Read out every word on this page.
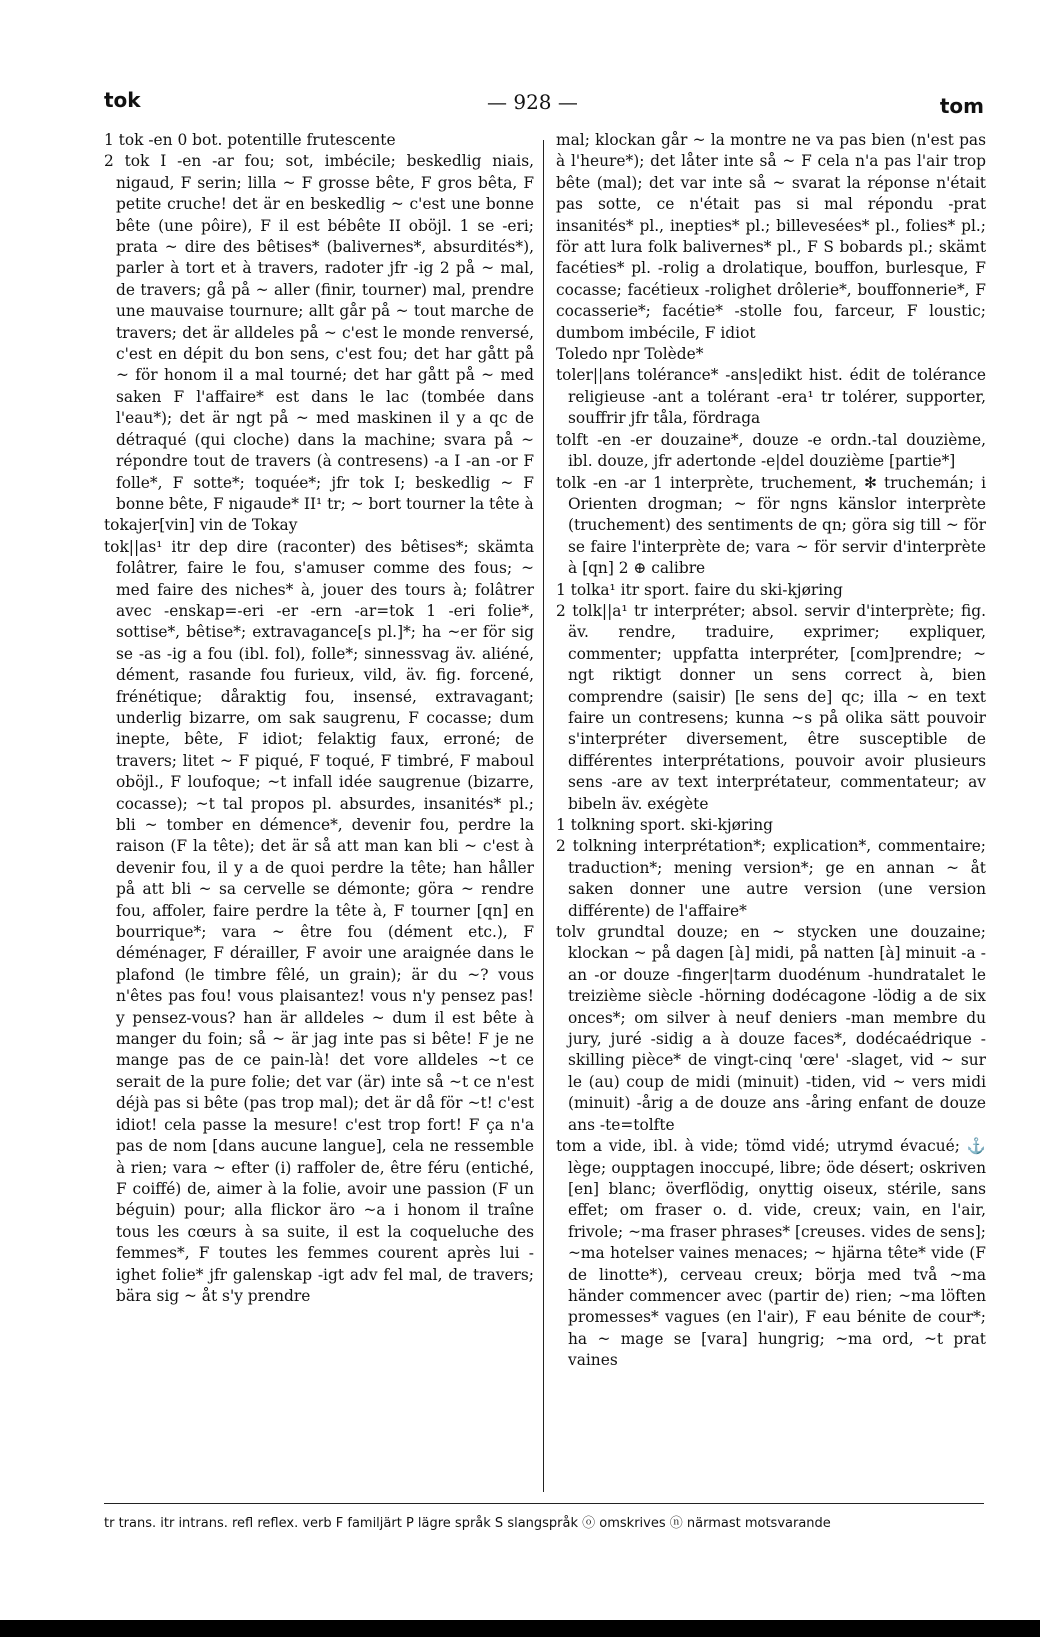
tok	— 928 —	tom

1 tok -en 0 bot. potentille frutescente

2 tok I -en -ar fou; sot, imbécile; beskedlig niais, nigaud, F serin; lilla ~ F grosse bête, F gros bêta, F petite cruche! det är en beskedlig ~ c'est une bonne bête (une pôire), F il est bébête II oböjl. 1 se -eri; prata ~ dire des bêtises* (balivernes*, absurdités*), parler à tort et à travers, radoter jfr -ig 2 på ~ mal, de travers; gå på ~ aller (finir, tourner) mal, prendre une mauvaise tournure; allt går på ~ tout marche de travers; det är alldeles på ~ c'est le monde renversé, c'est en dépit du bon sens, c'est fou; det har gått på ~ för honom il a mal tourné; det har gått på ~ med saken F l'affaire* est dans le lac (tombée dans l'eau*); det är ngt på ~ med maskinen il y a qc de détraqué (qui cloche) dans la machine; svara på ~ répondre tout de travers (à contresens) -a I -an -or F folle*, F sotte*; toquée*; jfr tok I; beskedlig ~ F bonne bête, F nigaude* II¹ tr; ~ bort tourner la tête à

tokajer[vin] vin de Tokay

tok||as¹ itr dep dire (raconter) des bêtises*; skämta folâtrer, faire le fou, s'amuser comme des fous; ~ med faire des niches* à, jouer des tours à; folâtrer avec -enskap=-eri -er -ern -ar=tok 1 -eri folie*, sottise*, bêtise*; extravagance[s pl.]*; ha ~er för sig se -as -ig a fou (ibl. fol), folle*; sinnessvag äv. aliéné, dément, rasande fou furieux, vild, äv. fig. forcené, frénétique; dåraktig fou, insensé, extravagant; underlig bizarre, om sak saugrenu, F cocasse; dum inepte, bête, F idiot; felaktig faux, erroné; de travers; litet ~ F piqué, F toqué, F timbré, F maboul oböjl., F loufoque; ~t infall idée saugrenue (bizarre, cocasse); ~t tal propos pl. absurdes, insanités* pl.; bli ~ tomber en démence*, devenir fou, perdre la raison (F la tête); det är så att man kan bli ~ c'est à devenir fou, il y a de quoi perdre la tête; han håller på att bli ~ sa cervelle se démonte; göra ~ rendre fou, affoler, faire perdre la tête à, F tourner [qn] en bourrique*; vara ~ être fou (dément etc.), F déménager, F dérailler, F avoir une araignée dans le plafond (le timbre fêlé, un grain); är du ~? vous n'êtes pas fou! vous plaisantez! vous n'y pensez pas! y pensez-vous? han är alldeles ~ dum il est bête à manger du foin; så ~ är jag inte pas si bête! F je ne mange pas de ce pain-là! det vore alldeles ~t ce serait de la pure folie; det var (är) inte så ~t ce n'est déjà pas si bête (pas trop mal); det är då för ~t! c'est idiot! cela passe la mesure! c'est trop fort! F ça n'a pas de nom [dans aucune langue], cela ne ressemble à rien; vara ~ efter (i) raffoler de, être féru (entiché, F coiffé) de, aimer à la folie, avoir une passion (F un béguin) pour; alla flickor äro ~a i honom il traîne tous les cœurs à sa suite, il est la coqueluche des femmes*, F toutes les femmes courent après lui -ighet folie* jfr galenskap -igt adv fel mal, de travers; bära sig ~ åt s'y prendre

mal; klockan går ~ la montre ne va pas bien (n'est pas à l'heure*); det låter inte så ~ F cela n'a pas l'air trop bête (mal); det var inte så ~ svarat la réponse n'était pas sotte, ce n'était pas si mal répondu -prat insanités* pl., inepties* pl.; billevesées* pl., folies* pl.; för att lura folk balivernes* pl., F S bobards pl.; skämt facéties* pl. -rolig a drolatique, bouffon, burlesque, F cocasse; facétieux -rolighet drôlerie*, bouffonnerie*, F cocasserie*; facétie* -stolle fou, farceur, F loustic; dumbom imbécile, F idiot

Toledo npr Tolède*

toler||ans tolérance* -ans|edikt hist. édit de tolérance religieuse -ant a tolérant -era¹ tr tolérer, supporter, souffrir jfr tåla, fördraga

tolft -en -er douzaine*, douze -e ordn.-tal douzième, ibl. douze, jfr adertonde -e|del douzième [partie*]

tolk -en -ar 1 interprète, truchement, ✻ truchemán; i Orienten drogman; ~ för ngns känslor interprète (truchement) des sentiments de qn; göra sig till ~ för se faire l'interprète de; vara ~ för servir d'interprète à [qn] 2 ⊕ calibre

1 tolka¹ itr sport. faire du ski-kjøring

2 tolk||a¹ tr interpréter; absol. servir d'interprète; fig. äv. rendre, traduire, exprimer; expliquer, commenter; uppfatta interpréter, [com]prendre; ~ ngt riktigt donner un sens correct à, bien comprendre (saisir) [le sens de] qc; illa ~ en text faire un contresens; kunna ~s på olika sätt pouvoir s'interpréter diversement, être susceptible de différentes interprétations, pouvoir avoir plusieurs sens -are av text interprétateur, commentateur; av bibeln äv. exégète

1 tolkning sport. ski-kjøring

2 tolkning interprétation*; explication*, commentaire; traduction*; mening version*; ge en annan ~ åt saken donner une autre version (une version différente) de l'affaire*

tolv grundtal douze; en ~ stycken une douzaine; klockan ~ på dagen [à] midi, på natten [à] minuit -a -an -or douze -finger|tarm duodénum -hundratalet le treizième siècle -hörning dodécagone -lödig a de six onces*; om silver à neuf deniers -man membre du jury, juré -sidig a à douze faces*, dodécaédrique -skilling pièce* de vingt-cinq 'œre' -slaget, vid ~ sur le (au) coup de midi (minuit) -tiden, vid ~ vers midi (minuit) -årig a de douze ans -åring enfant de douze ans -te=tolfte

tom a vide, ibl. à vide; tömd vidé; utrymd évacué; ⚓ lège; oupptagen inoccupé, libre; öde désert; oskriven [en] blanc; överflödig, onyttig oiseux, stérile, sans effet; om fraser o. d. vide, creux; vain, en l'air, frivole; ~ma fraser phrases* [creuses. vides de sens]; ~ma hotelser vaines menaces; ~ hjärna tête* vide (F de linotte*), cerveau creux; börja med två ~ma händer commencer avec (partir de) rien; ~ma löften promesses* vagues (en l'air), F eau bénite de cour*; ha ~ mage se [vara] hungrig; ~ma ord, ~t prat vaines

tr trans. itr intrans. refl reflex. verb F familjärt P lägre språk S slangspråk ⓞ omskrives ⓝ närmast motsvarande
